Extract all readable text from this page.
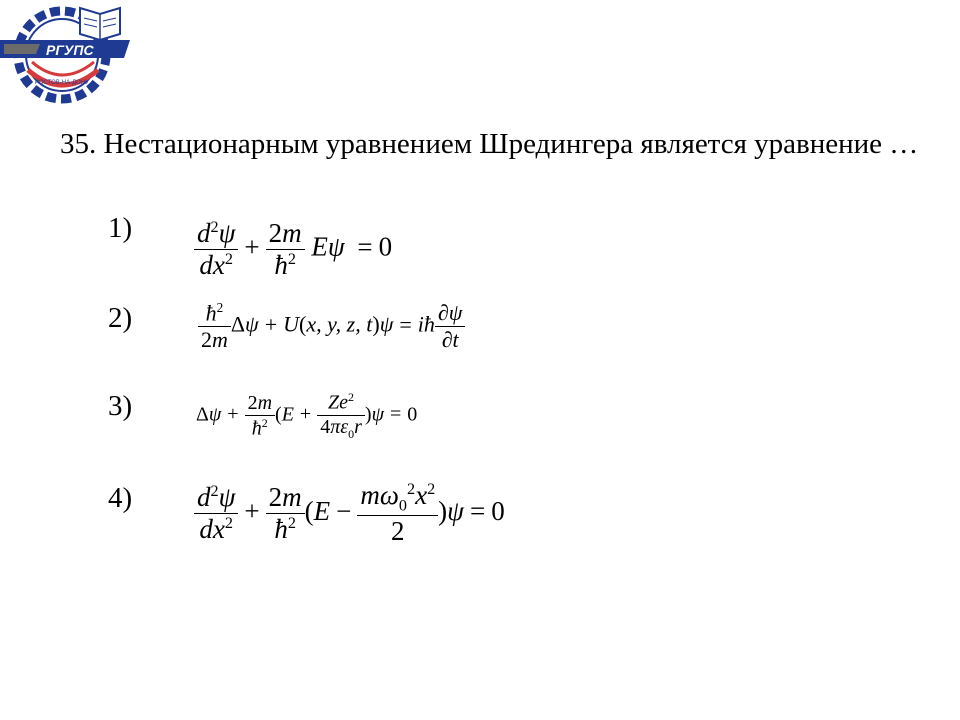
РГУПС
РОСТОВ-НА-ДОНУ
35. Нестационарным уравнением Шредингера является уравнение …
1)
2)
3)
4)
$\frac{d^2\psi}{dx^2} + \frac{2m}{ħ^2}$ Eψ = 0
$\frac{ħ^2}{2m}$ Δψ + U(x, y, z, t)ψ = iħ $\frac{\partial\psi}{\partial t}$
$\Delta\psi + \frac{2m}{ħ^2} (E + \frac{Ze^2}{4\pi\varepsilon_0r} )\psi = 0$
$\frac{d^2\psi}{dx^2} + \frac{2m}{ħ^2} (E - \frac{m\omega_0^2x^2}{2} )\psi = 0$
